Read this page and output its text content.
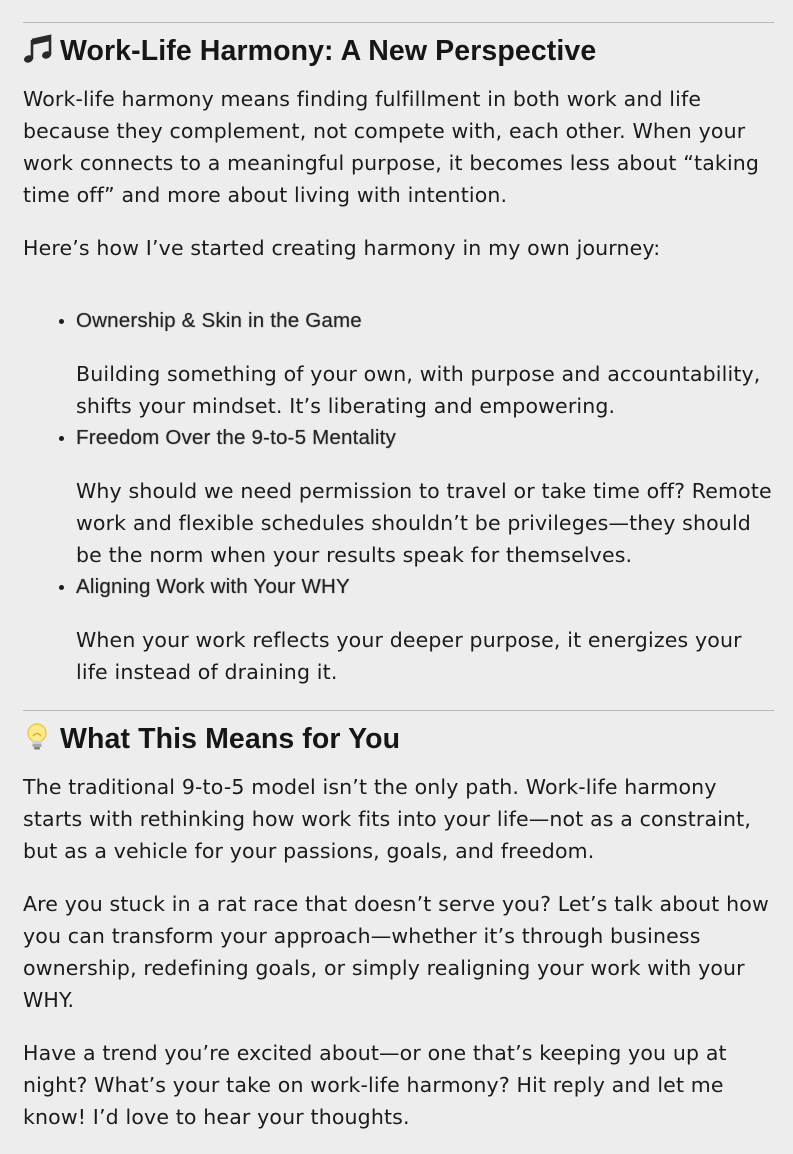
Work-Life Harmony: A New Perspective

Work-life harmony means finding fulfillment in both work and life because they complement, not compete with, each other. When your work connects to a meaningful purpose, it becomes less about “taking time off” and more about living with intention.

Here’s how I’ve started creating harmony in my own journey:

• Ownership & Skin in the Game

Building something of your own, with purpose and accountability, shifts your mindset. It’s liberating and empowering.

• Freedom Over the 9-to-5 Mentality

Why should we need permission to travel or take time off? Remote work and flexible schedules shouldn’t be privileges—they should be the norm when your results speak for themselves.

• Aligning Work with Your WHY

When your work reflects your deeper purpose, it energizes your life instead of draining it.

What This Means for You

The traditional 9-to-5 model isn’t the only path. Work-life harmony starts with rethinking how work fits into your life—not as a constraint, but as a vehicle for your passions, goals, and freedom.

Are you stuck in a rat race that doesn’t serve you? Let’s talk about how you can transform your approach—whether it’s through business ownership, redefining goals, or simply realigning your work with your WHY.

Have a trend you’re excited about—or one that’s keeping you up at night? What’s your take on work-life harmony? Hit reply and let me know! I’d love to hear your thoughts.
